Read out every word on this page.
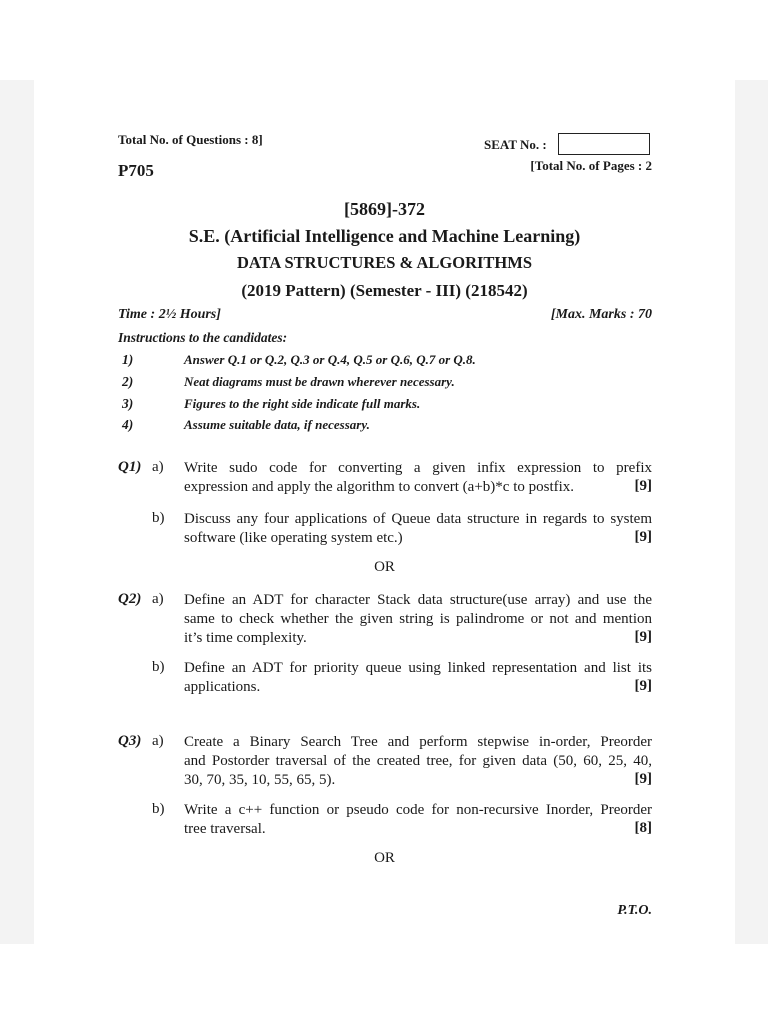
Total No. of Questions : 8]	SEAT No. :
[Total No. of Pages : 2
P705
[5869]-372
S.E. (Artificial Intelligence and Machine Learning)
DATA STRUCTURES & ALGORITHMS
(2019 Pattern) (Semester - III) (218542)
Time : 2½ Hours]	[Max. Marks : 70
Instructions to the candidates:
1)	Answer Q.1 or Q.2, Q.3 or Q.4, Q.5 or Q.6, Q.7 or Q.8.
2)	Neat diagrams must be drawn wherever necessary.
3)	Figures to the right side indicate full marks.
4)	Assume suitable data, if necessary.
Q1) a) Write sudo code for converting a given infix expression to prefix
expression and apply the algorithm to convert (a+b)*c to postfix.	[9]
b) Discuss any four applications of Queue data structure in regards to system
software (like operating system etc.)	[9]
OR
Q2) a) Define an ADT for character Stack data structure(use array) and use the
same to check whether the given string is palindrome or not and mention
it’s time complexity.	[9]
b) Define an ADT for priority queue using linked representation and list its
applications.	[9]
Q3) a) Create a Binary Search Tree and perform stepwise in-order, Preorder
and Postorder traversal of the created tree, for given data (50, 60, 25, 40,
30, 70, 35, 10, 55, 65, 5).	[9]
b) Write a c++ function or pseudo code for non-recursive Inorder, Preorder
tree traversal.	[8]
OR
P.T.O.
